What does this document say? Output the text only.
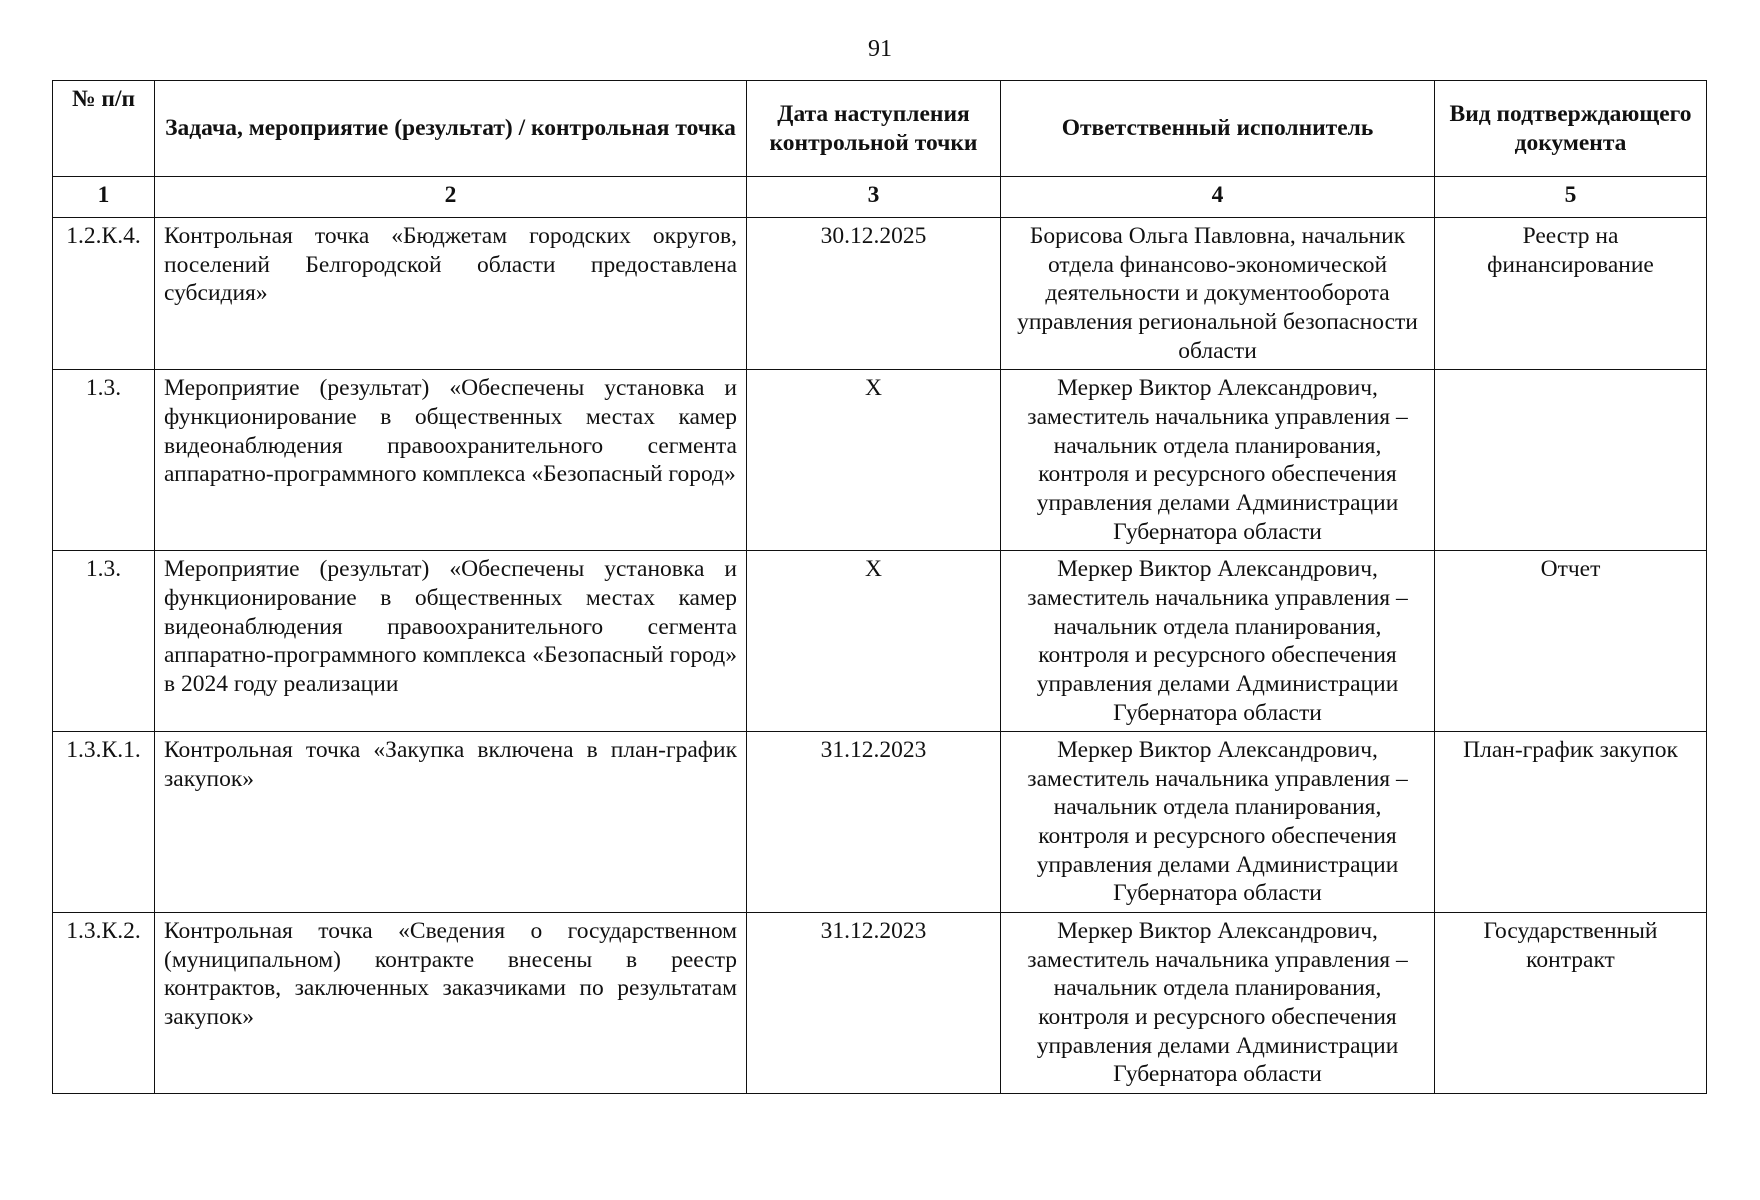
91
№ п/п	Задача, мероприятие (результат) / контрольная точка	Дата наступления контрольной точки	Ответственный исполнитель	Вид подтверждающего документа
1	2	3	4	5
1.2.К.4.	Контрольная точка «Бюджетам городских округов, поселений Белгородской области предоставлена субсидия»	30.12.2025	Борисова Ольга Павловна, начальник отдела финансово-экономической деятельности и документооборота управления региональной безопасности области	Реестр на финансирование
1.3.	Мероприятие (результат) «Обеспечены установка и функционирование в общественных местах камер видеонаблюдения правоохранительного сегмента аппаратно-программного комплекса «Безопасный город»	Х	Меркер Виктор Александрович, заместитель начальника управления – начальник отдела планирования, контроля и ресурсного обеспечения управления делами Администрации Губернатора области	
1.3.	Мероприятие (результат) «Обеспечены установка и функционирование в общественных местах камер видеонаблюдения правоохранительного сегмента аппаратно-программного комплекса «Безопасный город» в 2024 году реализации	Х	Меркер Виктор Александрович, заместитель начальника управления – начальник отдела планирования, контроля и ресурсного обеспечения управления делами Администрации Губернатора области	Отчет
1.3.К.1.	Контрольная точка «Закупка включена в план-график закупок»	31.12.2023	Меркер Виктор Александрович, заместитель начальника управления – начальник отдела планирования, контроля и ресурсного обеспечения управления делами Администрации Губернатора области	План-график закупок
1.3.К.2.	Контрольная точка «Сведения о государственном (муниципальном) контракте внесены в реестр контрактов, заключенных заказчиками по результатам закупок»	31.12.2023	Меркер Виктор Александрович, заместитель начальника управления – начальник отдела планирования, контроля и ресурсного обеспечения управления делами Администрации Губернатора области	Государственный контракт
